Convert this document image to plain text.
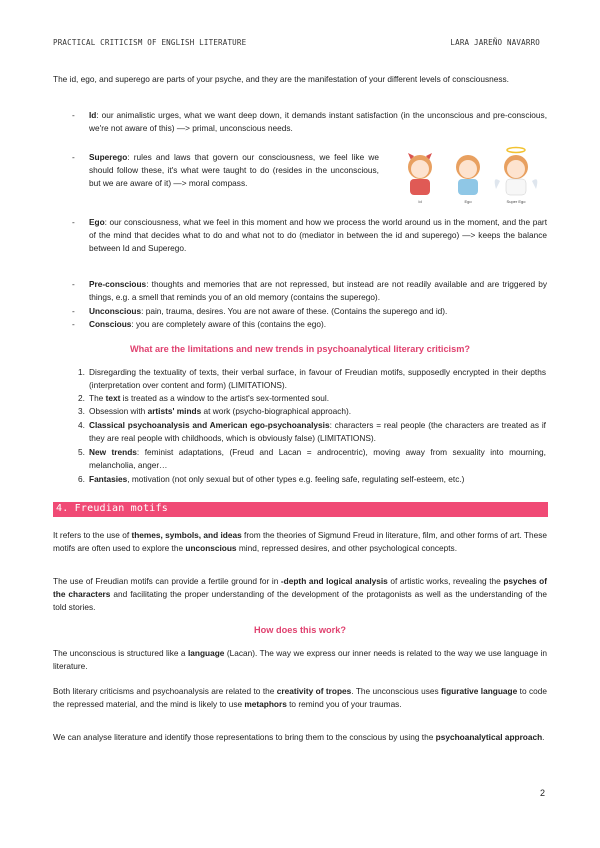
PRACTICAL CRITICISM OF ENGLISH LITERATURE	LARA JAREÑO NAVARRO
The id, ego, and superego are parts of your psyche, and they are the manifestation of your different levels of consciousness.
- Id: our animalistic urges, what we want deep down, it demands instant satisfaction (in the unconscious and pre-conscious, we're not aware of this) —> primal, unconscious needs.
- Superego: rules and laws that govern our consciousness, we feel like we should follow these, it's what were taught to do (resides in the unconscious, but we are aware of it) —> moral compass.
Id	Ego	Super Ego
- Ego: our consciousness, what we feel in this moment and how we process the world around us in the moment, and the part of the mind that decides what to do and what not to do (mediator in between the id and superego) —> keeps the balance between Id and Superego.
- Pre-conscious: thoughts and memories that are not repressed, but instead are not readily available and are triggered by things, e.g. a smell that reminds you of an old memory (contains the superego).
- Unconscious: pain, trauma, desires. You are not aware of these. (Contains the superego and id).
- Conscious: you are completely aware of this (contains the ego).
What are the limitations and new trends in psychoanalytical literary criticism?
1. Disregarding the textuality of texts, their verbal surface, in favour of Freudian motifs, supposedly encrypted in their depths (interpretation over content and form) (LIMITATIONS).
2. The text is treated as a window to the artist's sex-tormented soul.
3. Obsession with artists' minds at work (psycho-biographical approach).
4. Classical psychoanalysis and American ego-psychoanalysis: characters = real people (the characters are treated as if they are real people with childhoods, which is obviously false) (LIMITATIONS).
5. New trends: feminist adaptations, (Freud and Lacan = androcentric), moving away from sexuality into mourning, melancholia, anger…
6. Fantasies, motivation (not only sexual but of other types e.g. feeling safe, regulating self-esteem, etc.)
4. Freudian motifs
It refers to the use of themes, symbols, and ideas from the theories of Sigmund Freud in literature, film, and other forms of art. These motifs are often used to explore the unconscious mind, repressed desires, and other psychological concepts.
The use of Freudian motifs can provide a fertile ground for in -depth and logical analysis of artistic works, revealing the psyches of the characters and facilitating the proper understanding of the development of the protagonists as well as the understanding of the told stories.
How does this work?
The unconscious is structured like a language (Lacan). The way we express our inner needs is related to the way we use language in literature.
Both literary criticisms and psychoanalysis are related to the creativity of tropes. The unconscious uses figurative language to code the repressed material, and the mind is likely to use metaphors to remind you of your traumas.
We can analyse literature and identify those representations to bring them to the conscious by using the psychoanalytical approach.
2
